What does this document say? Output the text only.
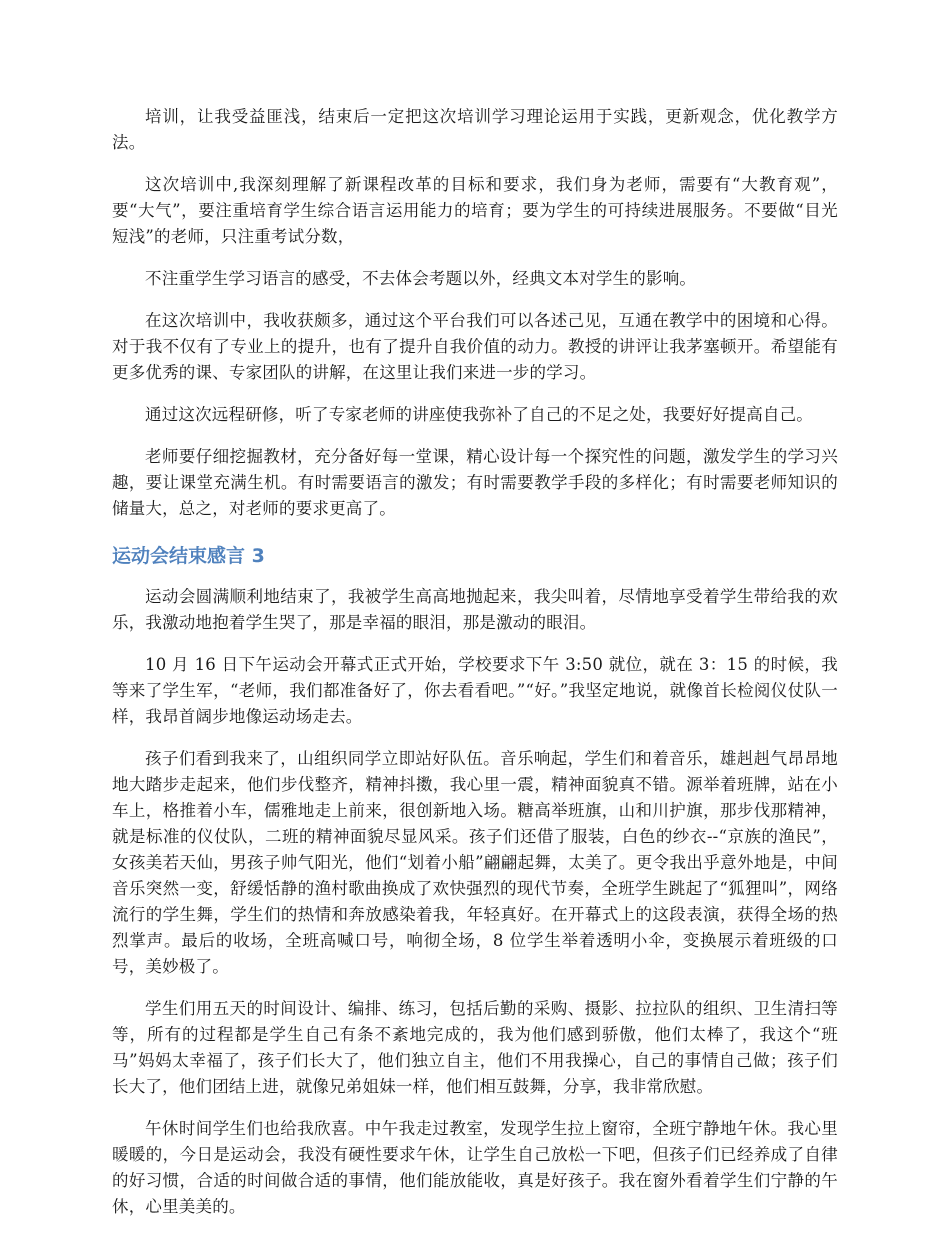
培训，让我受益匪浅，结束后一定把这次培训学习理论运用于实践，更新观念，优化教学方法。

这次培训中,我深刻理解了新课程改革的目标和要求，我们身为老师，需要有“大教育观”，要“大气”，要注重培育学生综合语言运用能力的培育；要为学生的可持续进展服务。不要做“目光短浅”的老师，只注重考试分数，

不注重学生学习语言的感受，不去体会考题以外，经典文本对学生的影响。

在这次培训中，我收获颇多，通过这个平台我们可以各述己见，互通在教学中的困境和心得。对于我不仅有了专业上的提升，也有了提升自我价值的动力。教授的讲评让我茅塞顿开。希望能有更多优秀的课、专家团队的讲解，在这里让我们来进一步的学习。

通过这次远程研修，听了专家老师的讲座使我弥补了自己的不足之处，我要好好提高自己。

老师要仔细挖掘教材，充分备好每一堂课，精心设计每一个探究性的问题，激发学生的学习兴趣，要让课堂充满生机。有时需要语言的激发；有时需要教学手段的多样化；有时需要老师知识的储量大，总之，对老师的要求更高了。

运动会结束感言 3

运动会圆满顺利地结束了，我被学生高高地抛起来，我尖叫着，尽情地享受着学生带给我的欢乐，我激动地抱着学生哭了，那是幸福的眼泪，那是激动的眼泪。

10 月 16 日下午运动会开幕式正式开始，学校要求下午 3:50 就位，就在 3：15 的时候，我等来了学生军，“老师，我们都准备好了，你去看看吧。”“好。”我坚定地说，就像首长检阅仪仗队一样，我昂首阔步地像运动场走去。

孩子们看到我来了，山组织同学立即站好队伍。音乐响起，学生们和着音乐，雄赳赳气昂昂地地大踏步走起来，他们步伐整齐，精神抖擞，我心里一震，精神面貌真不错。源举着班牌，站在小车上，格推着小车，儒雅地走上前来，很创新地入场。糖高举班旗，山和川护旗，那步伐那精神，就是标准的仪仗队，二班的精神面貌尽显风采。孩子们还借了服装，白色的纱衣--“京族的渔民”，女孩美若天仙，男孩子帅气阳光，他们“划着小船”翩翩起舞，太美了。更令我出乎意外地是，中间音乐突然一变，舒缓恬静的渔村歌曲换成了欢快强烈的现代节奏，全班学生跳起了“狐狸叫”，网络流行的学生舞，学生们的热情和奔放感染着我，年轻真好。在开幕式上的这段表演，获得全场的热烈掌声。最后的收场，全班高喊口号，响彻全场，8 位学生举着透明小伞，变换展示着班级的口号，美妙极了。

学生们用五天的时间设计、编排、练习，包括后勤的采购、摄影、拉拉队的组织、卫生清扫等等，所有的过程都是学生自己有条不紊地完成的，我为他们感到骄傲，他们太棒了，我这个“班马”妈妈太幸福了，孩子们长大了，他们独立自主，他们不用我操心，自己的事情自己做；孩子们长大了，他们团结上进，就像兄弟姐妹一样，他们相互鼓舞，分享，我非常欣慰。

午休时间学生们也给我欣喜。中午我走过教室，发现学生拉上窗帘，全班宁静地午休。我心里暖暖的，今日是运动会，我没有硬性要求午休，让学生自己放松一下吧，但孩子们已经养成了自律的好习惯，合适的时间做合适的事情，他们能放能收，真是好孩子。我在窗外看着学生们宁静的午休，心里美美的。
